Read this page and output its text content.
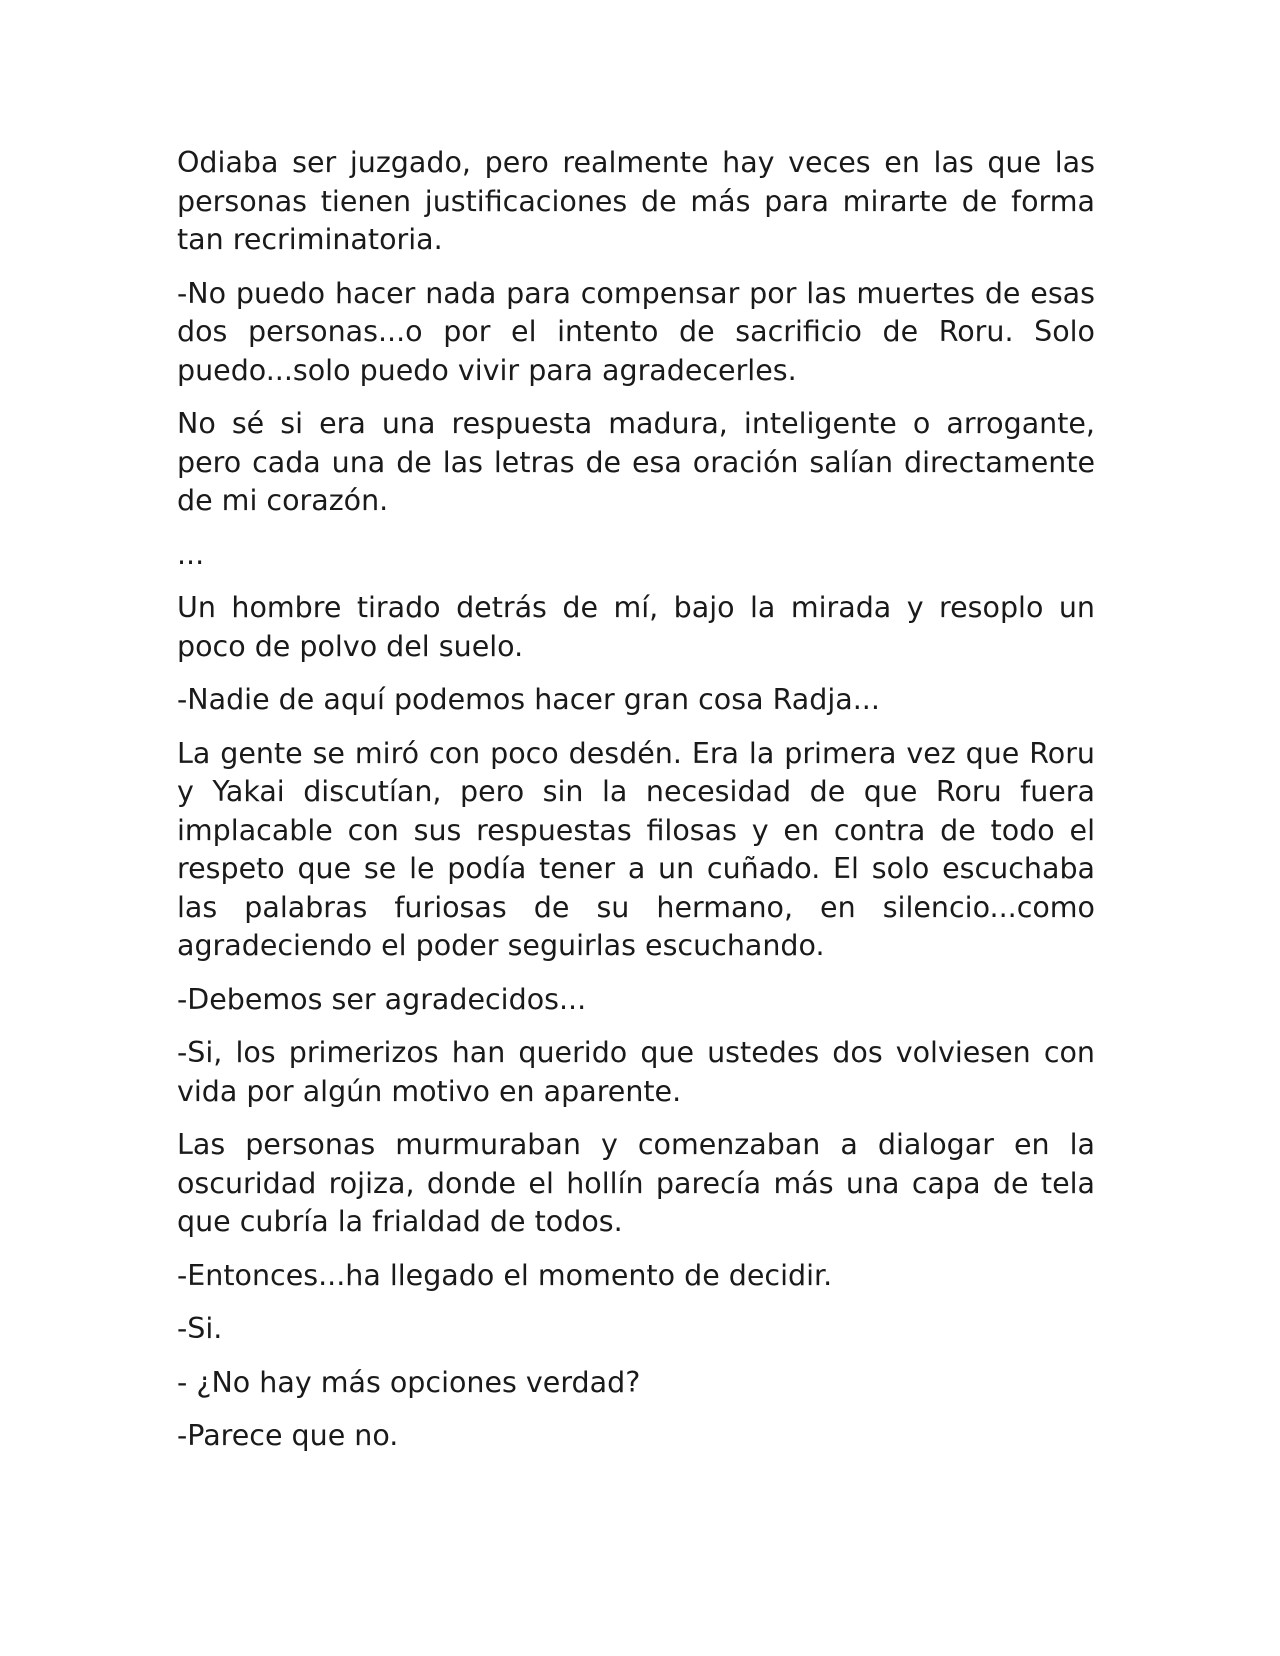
Odiaba ser juzgado, pero realmente hay veces en las que las personas tienen justificaciones de más para mirarte de forma tan recriminatoria.

-No puedo hacer nada para compensar por las muertes de esas dos personas...o por el intento de sacrificio de Roru. Solo puedo...solo puedo vivir para agradecerles.

No sé si era una respuesta madura, inteligente o arrogante, pero cada una de las letras de esa oración salían directamente de mi corazón.

...

Un hombre tirado detrás de mí, bajo la mirada y resoplo un poco de polvo del suelo.

-Nadie de aquí podemos hacer gran cosa Radja...

La gente se miró con poco desdén. Era la primera vez que Roru y Yakai discutían, pero sin la necesidad de que Roru fuera implacable con sus respuestas filosas y en contra de todo el respeto que se le podía tener a un cuñado. El solo escuchaba las palabras furiosas de su hermano, en silencio...como agradeciendo el poder seguirlas escuchando.

-Debemos ser agradecidos...

-Si, los primerizos han querido que ustedes dos volviesen con vida por algún motivo en aparente.

Las personas murmuraban y comenzaban a dialogar en la oscuridad rojiza, donde el hollín parecía más una capa de tela que cubría la frialdad de todos.

-Entonces...ha llegado el momento de decidir.

-Si.

- ¿No hay más opciones verdad?

-Parece que no.
